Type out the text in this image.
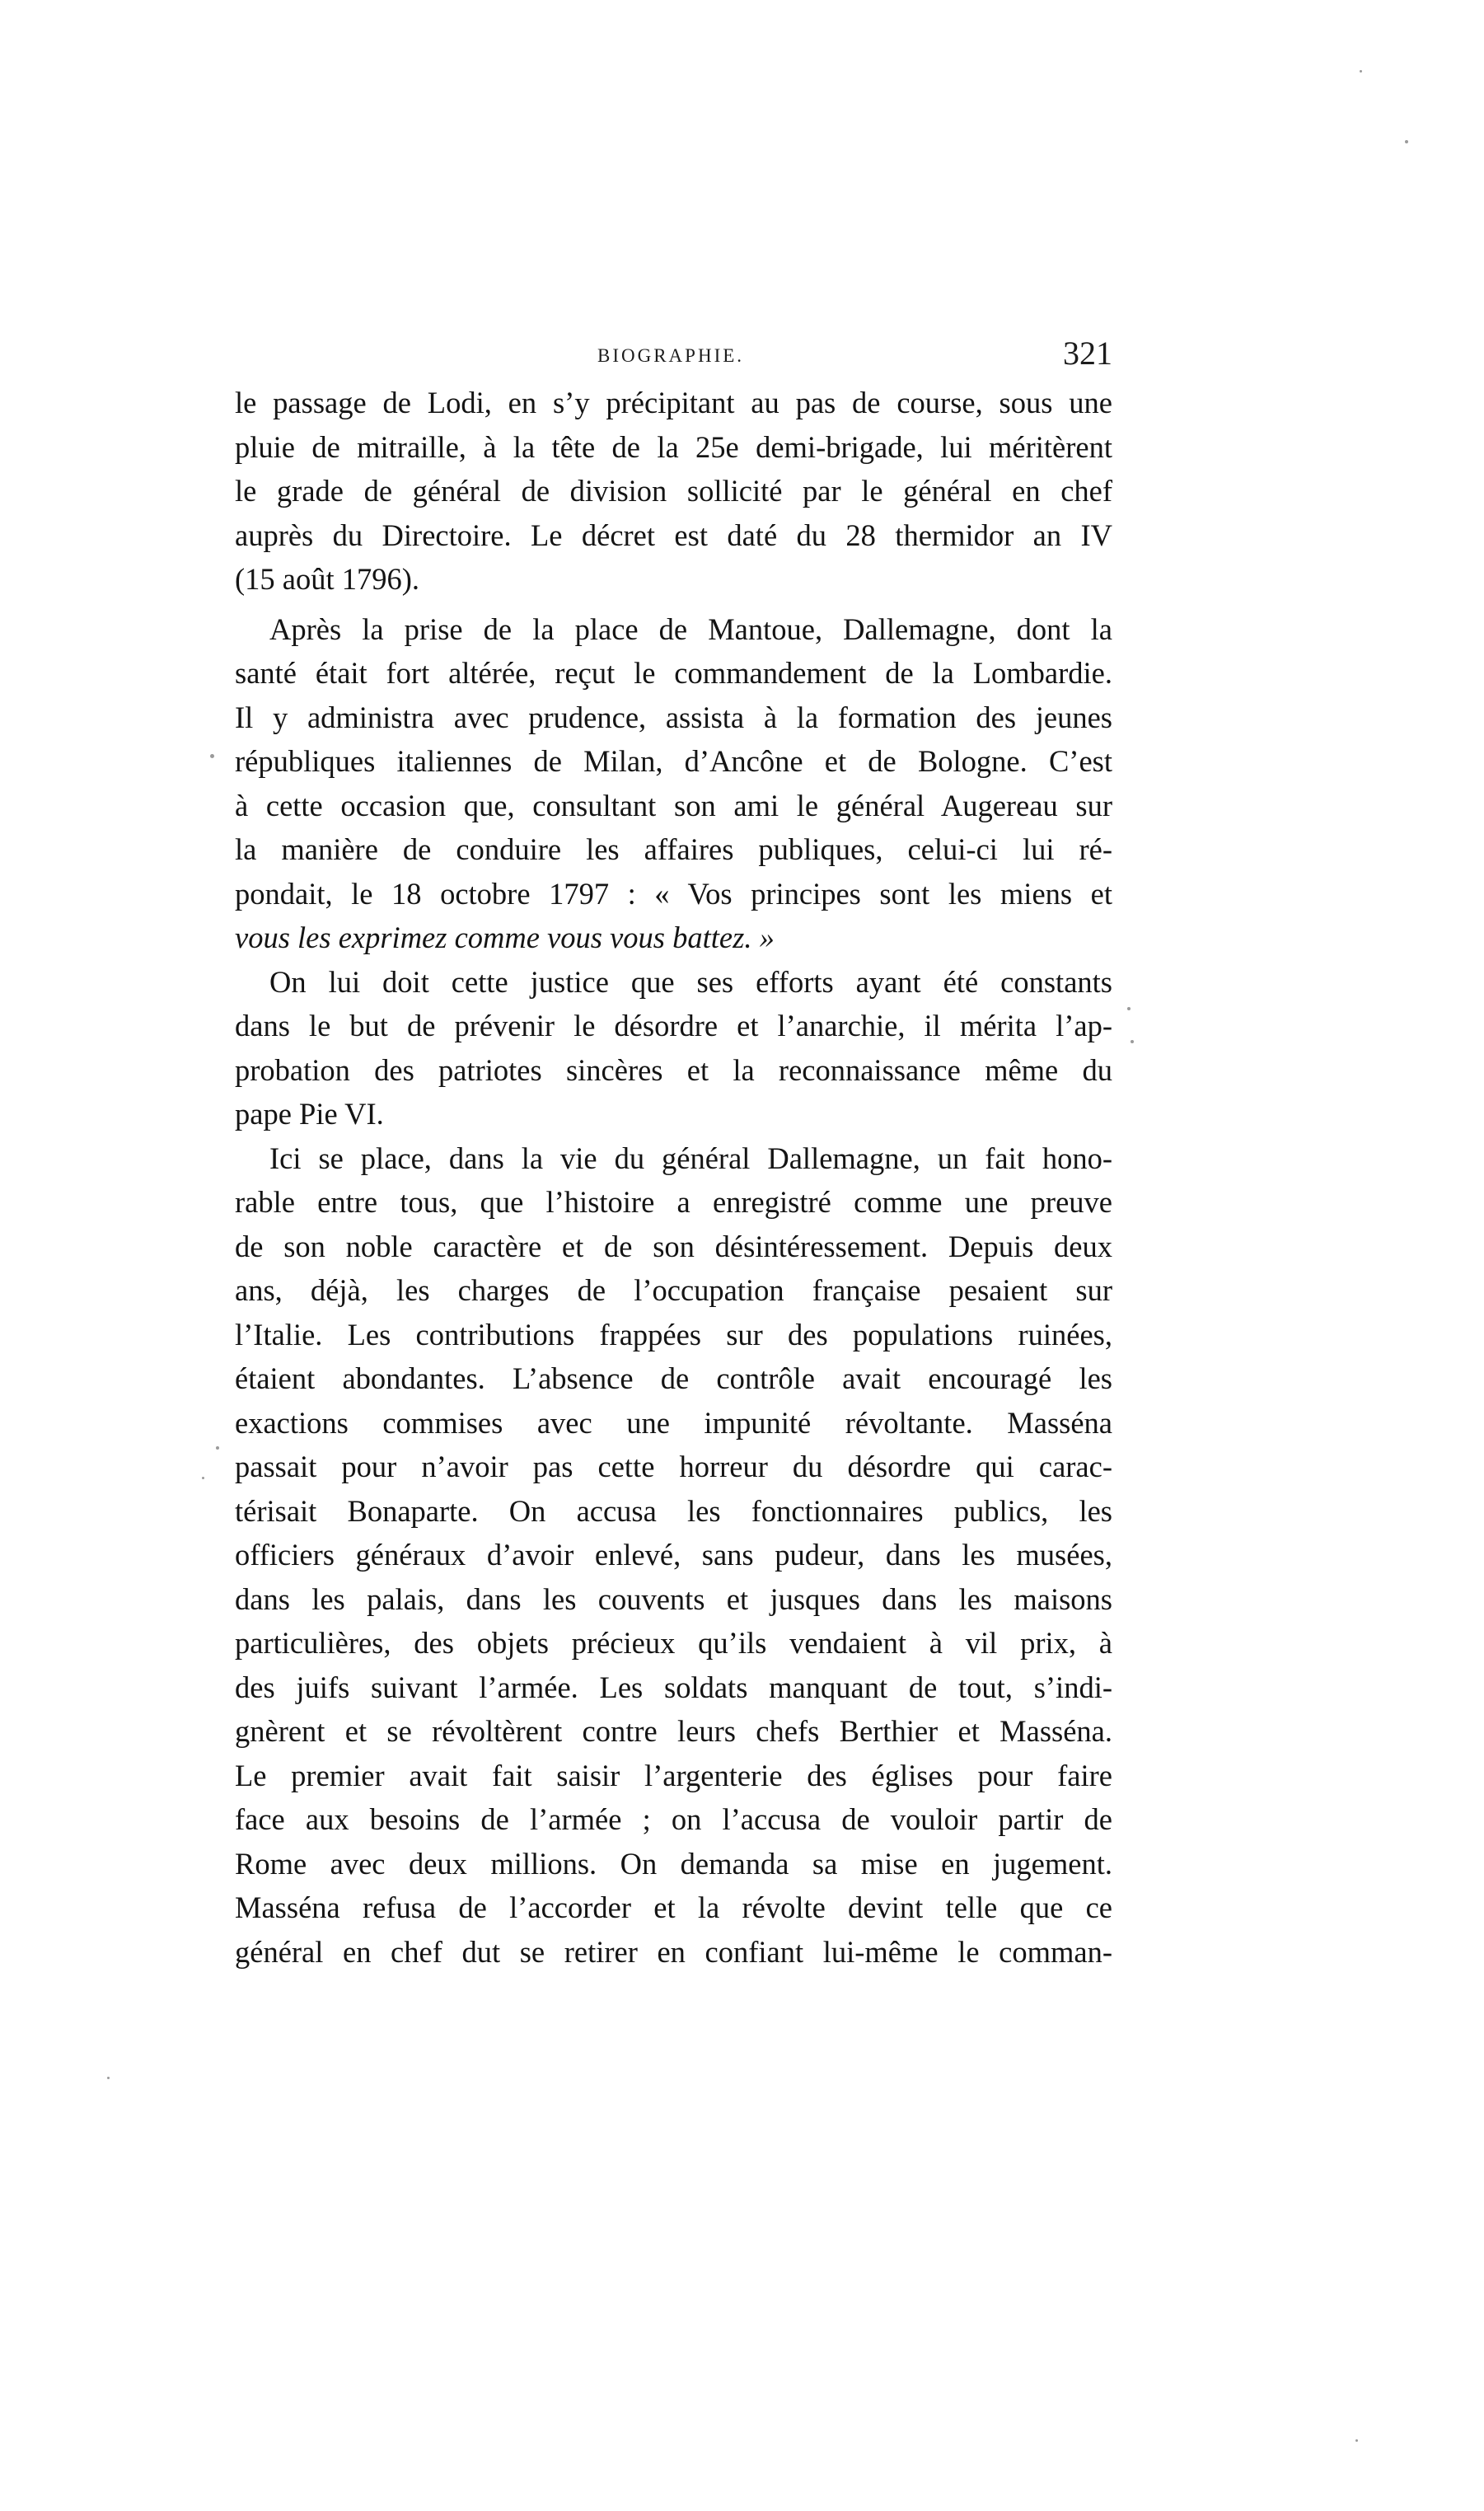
BIOGRAPHIE.	321
le passage de Lodi, en s’y précipitant au pas de course, sous une
pluie de mitraille, à la tête de la 25e demi-brigade, lui méritèrent
le grade de général de division sollicité par le général en chef
auprès du Directoire. Le décret est daté du 28 thermidor an IV
(15 août 1796).
Après la prise de la place de Mantoue, Dallemagne, dont la
santé était fort altérée, reçut le commandement de la Lombardie.
Il y administra avec prudence, assista à la formation des jeunes
républiques italiennes de Milan, d’Ancône et de Bologne. C’est
à cette occasion que, consultant son ami le général Augereau sur
la manière de conduire les affaires publiques, celui-ci lui ré-
pondait, le 18 octobre 1797 : « Vos principes sont les miens et
vous les exprimez comme vous vous battez. »
On lui doit cette justice que ses efforts ayant été constants
dans le but de prévenir le désordre et l’anarchie, il mérita l’ap-
probation des patriotes sincères et la reconnaissance même du
pape Pie VI.
Ici se place, dans la vie du général Dallemagne, un fait hono-
rable entre tous, que l’histoire a enregistré comme une preuve
de son noble caractère et de son désintéressement. Depuis deux
ans, déjà, les charges de l’occupation française pesaient sur
l’Italie. Les contributions frappées sur des populations ruinées,
étaient abondantes. L’absence de contrôle avait encouragé les
exactions commises avec une impunité révoltante. Masséna
passait pour n’avoir pas cette horreur du désordre qui carac-
térisait Bonaparte. On accusa les fonctionnaires publics, les
officiers généraux d’avoir enlevé, sans pudeur, dans les musées,
dans les palais, dans les couvents et jusques dans les maisons
particulières, des objets précieux qu’ils vendaient à vil prix, à
des juifs suivant l’armée. Les soldats manquant de tout, s’indi-
gnèrent et se révoltèrent contre leurs chefs Berthier et Masséna.
Le premier avait fait saisir l’argenterie des églises pour faire
face aux besoins de l’armée ; on l’accusa de vouloir partir de
Rome avec deux millions. On demanda sa mise en jugement.
Masséna refusa de l’accorder et la révolte devint telle que ce
général en chef dut se retirer en confiant lui-même le comman-
